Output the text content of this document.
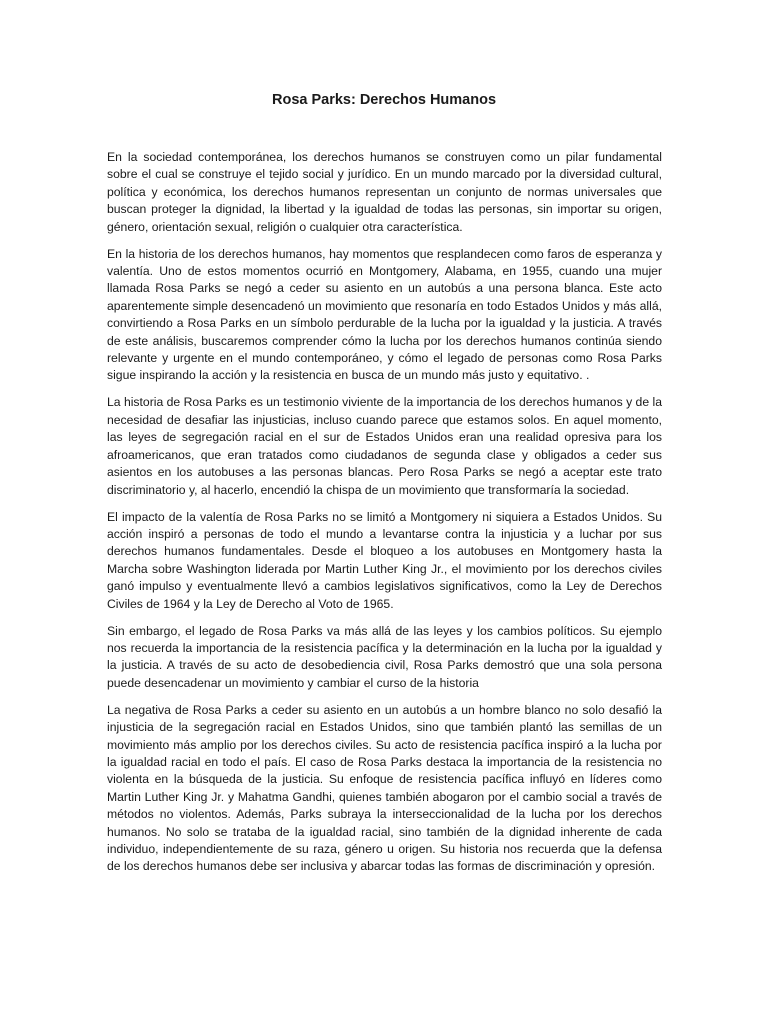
Rosa Parks: Derechos Humanos

En la sociedad contemporánea, los derechos humanos se construyen como un pilar fundamental sobre el cual se construye el tejido social y jurídico. En un mundo marcado por la diversidad cultural, política y económica, los derechos humanos representan un conjunto de normas universales que buscan proteger la dignidad, la libertad y la igualdad de todas las personas, sin importar su origen, género, orientación sexual, religión o cualquier otra característica.

En la historia de los derechos humanos, hay momentos que resplandecen como faros de esperanza y valentía. Uno de estos momentos ocurrió en Montgomery, Alabama, en 1955, cuando una mujer llamada Rosa Parks se negó a ceder su asiento en un autobús a una persona blanca. Este acto aparentemente simple desencadenó un movimiento que resonaría en todo Estados Unidos y más allá, convirtiendo a Rosa Parks en un símbolo perdurable de la lucha por la igualdad y la justicia. A través de este análisis, buscaremos comprender cómo la lucha por los derechos humanos continúa siendo relevante y urgente en el mundo contemporáneo, y cómo el legado de personas como Rosa Parks sigue inspirando la acción y la resistencia en busca de un mundo más justo y equitativo. .

La historia de Rosa Parks es un testimonio viviente de la importancia de los derechos humanos y de la necesidad de desafiar las injusticias, incluso cuando parece que estamos solos. En aquel momento, las leyes de segregación racial en el sur de Estados Unidos eran una realidad opresiva para los afroamericanos, que eran tratados como ciudadanos de segunda clase y obligados a ceder sus asientos en los autobuses a las personas blancas. Pero Rosa Parks se negó a aceptar este trato discriminatorio y, al hacerlo, encendió la chispa de un movimiento que transformaría la sociedad.

El impacto de la valentía de Rosa Parks no se limitó a Montgomery ni siquiera a Estados Unidos. Su acción inspiró a personas de todo el mundo a levantarse contra la injusticia y a luchar por sus derechos humanos fundamentales. Desde el bloqueo a los autobuses en Montgomery hasta la Marcha sobre Washington liderada por Martin Luther King Jr., el movimiento por los derechos civiles ganó impulso y eventualmente llevó a cambios legislativos significativos, como la Ley de Derechos Civiles de 1964 y la Ley de Derecho al Voto de 1965.

Sin embargo, el legado de Rosa Parks va más allá de las leyes y los cambios políticos. Su ejemplo nos recuerda la importancia de la resistencia pacífica y la determinación en la lucha por la igualdad y la justicia. A través de su acto de desobediencia civil, Rosa Parks demostró que una sola persona puede desencadenar un movimiento y cambiar el curso de la historia

La negativa de Rosa Parks a ceder su asiento en un autobús a un hombre blanco no solo desafió la injusticia de la segregación racial en Estados Unidos, sino que también plantó las semillas de un movimiento más amplio por los derechos civiles. Su acto de resistencia pacífica inspiró a la lucha por la igualdad racial en todo el país. El caso de Rosa Parks destaca la importancia de la resistencia no violenta en la búsqueda de la justicia. Su enfoque de resistencia pacífica influyó en líderes como Martin Luther King Jr. y Mahatma Gandhi, quienes también abogaron por el cambio social a través de métodos no violentos. Además, Parks subraya la interseccionalidad de la lucha por los derechos humanos. No solo se trataba de la igualdad racial, sino también de la dignidad inherente de cada individuo, independientemente de su raza, género u origen. Su historia nos recuerda que la defensa de los derechos humanos debe ser inclusiva y abarcar todas las formas de discriminación y opresión.
